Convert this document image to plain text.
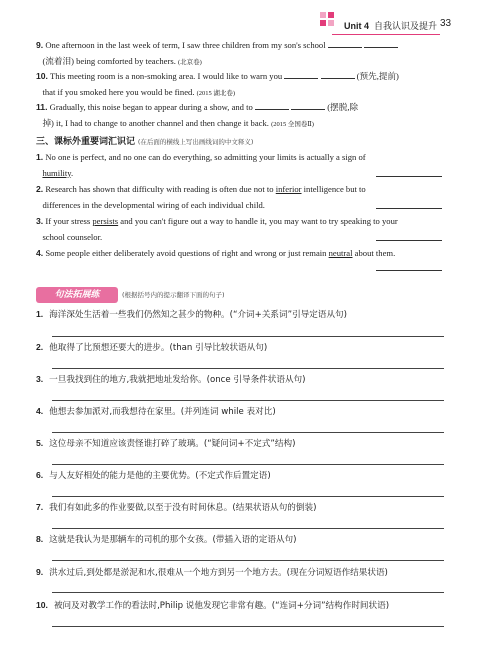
Unit 4 自我认识及提升 33
9. One afternoon in the last week of term, I saw three children from my son's school
(流着泪) being comforted by teachers. (北京卷)
10. This meeting room is a non-smoking area. I would like to warn you	(预先,提前)
that if you smoked here you would be fined. (2015 湖北卷)
11. Gradually, this noise began to appear during a show, and to	(摆脱,除
掉) it, I had to change to another channel and then change it back. (2015 全国卷Ⅱ)
三、课标外重要词汇识记 (在后面的横线上写出画线词的中文释义)
1. No one is perfect, and no one can do everything, so admitting your limits is actually a sign of
humility.
2. Research has shown that difficulty with reading is often due not to inferior intelligence but to
differences in the developmental wiring of each individual child.
3. If your stress persists and you can't figure out a way to handle it, you may want to try speaking to your
school counselor.
4. Some people either deliberately avoid questions of right and wrong or just remain neutral about them.
句法拓展练	(根据括号内的提示翻译下面的句子)
1. 海洋深处生活着一些我们仍然知之甚少的物种。(“介词+关系词”引导定语从句)
2. 他取得了比预想还要大的进步。(than 引导比较状语从句)
3. 一旦我找到住的地方,我就把地址发给你。(once 引导条件状语从句)
4. 他想去参加派对,而我想待在家里。(并列连词 while 表对比)
5. 这位母亲不知道应该责怪谁打碎了玻璃。(“疑问词+不定式”结构)
6. 与人友好相处的能力是他的主要优势。(不定式作后置定语)
7. 我们有如此多的作业要做,以至于没有时间休息。(结果状语从句的倒装)
8. 这就是我认为是那辆车的司机的那个女孩。(带插入语的定语从句)
9. 洪水过后,到处都是淤泥和水,很难从一个地方到另一个地方去。(现在分词短语作结果状语)
10. 被问及对教学工作的看法时,Philip 说他发现它非常有趣。(“连词+分词”结构作时间状语)
